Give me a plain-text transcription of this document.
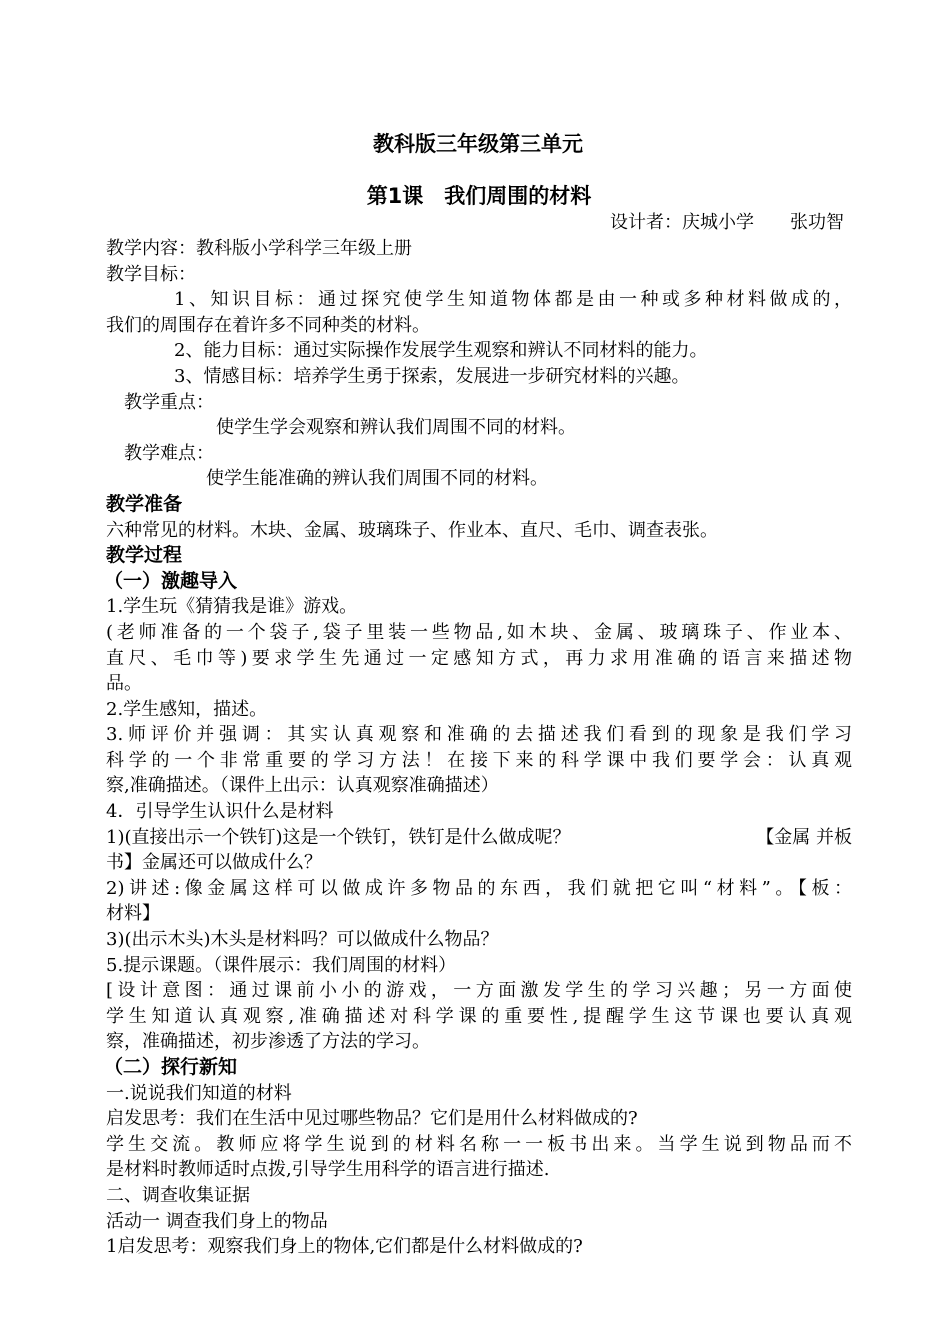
教科版三年级第三单元
第1课　我们周围的材料
设计者：庆城小学　　张功智
教学内容：教科版小学科学三年级上册
教学目标：
1、知识目标：通过探究使学生知道物体都是由一种或多种材料做成的，
我们的周围存在着许多不同种类的材料。
2、能力目标：通过实际操作发展学生观察和辨认不同材料的能力。
3、情感目标：培养学生勇于探索，发展进一步研究材料的兴趣。
教学重点：
使学生学会观察和辨认我们周围不同的材料。
教学难点：
使学生能准确的辨认我们周围不同的材料。
教学准备
六种常见的材料。木块、金属、玻璃珠子、作业本、直尺、毛巾、调查表张。
教学过程
（一）激趣导入
1.学生玩《猜猜我是谁》游戏。
(老师准备的一个袋子,袋子里装一些物品,如木块、金属、玻璃珠子、作业本、
直尺、毛巾等)要求学生先通过一定感知方式，再力求用准确的语言来描述物
品。
2.学生感知，描述。
3.师评价并强调：其实认真观察和准确的去描述我们看到的现象是我们学习
科学的一个非常重要的学习方法！在接下来的科学课中我们要学会：认真观
察,准确描述。（课件上出示：认真观察准确描述）
4．引导学生认识什么是材料
1)(直接出示一个铁钉)这是一个铁钉，铁钉是什么做成呢？	【金属 并板
书】金属还可以做成什么？
2)讲述:像金属这样可以做成许多物品的东西，我们就把它叫“材料”。【板：
材料】
3)(出示木头)木头是材料吗？可以做成什么物品？
5.提示课题。（课件展示：我们周围的材料）
[设计意图：通过课前小小的游戏，一方面激发学生的学习兴趣；另一方面使
学生知道认真观察,准确描述对科学课的重要性,提醒学生这节课也要认真观
察，准确描述，初步渗透了方法的学习。
（二）探行新知
一.说说我们知道的材料
启发思考：我们在生活中见过哪些物品？它们是用什么材料做成的?
学生交流。教师应将学生说到的材料名称一一板书出来。当学生说到物品而不
是材料时教师适时点拨,引导学生用科学的语言进行描述.
二、调查收集证据
活动一 调查我们身上的物品
1启发思考：观察我们身上的物体,它们都是什么材料做成的?
